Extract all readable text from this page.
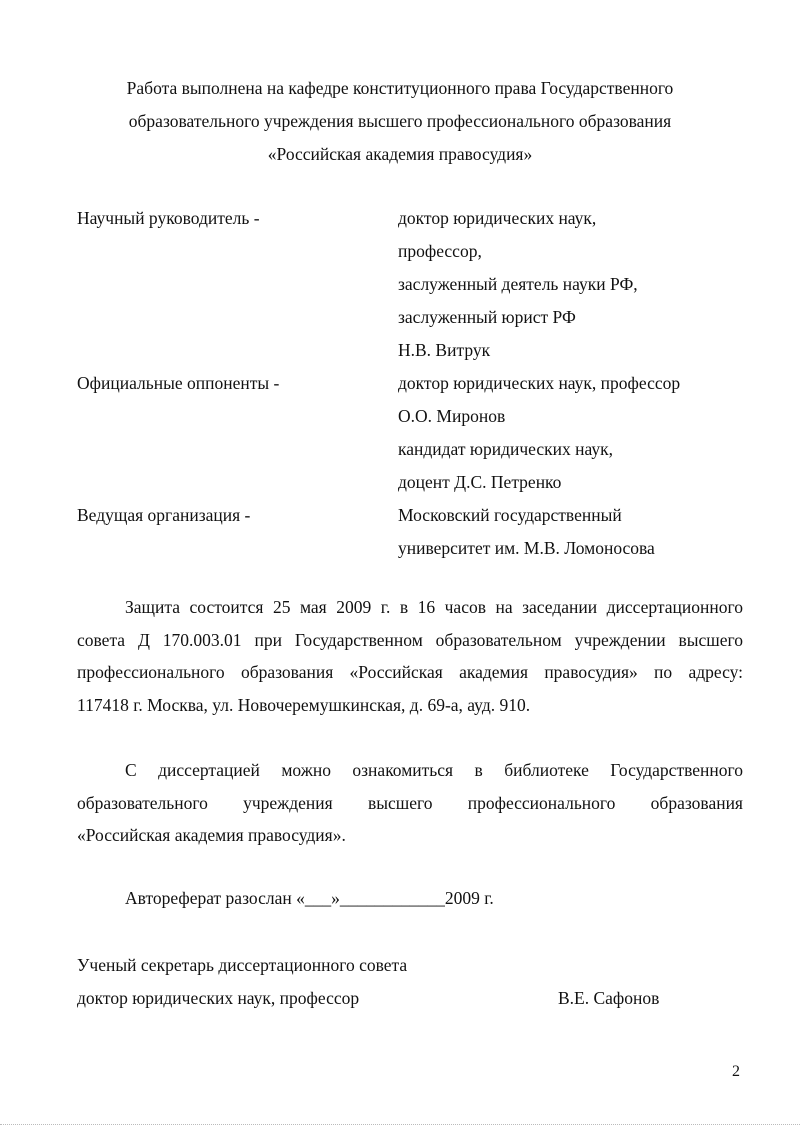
Работа выполнена на кафедре конституционного права Государственного
образовательного учреждения высшего профессионального образования
«Российская академия правосудия»
Научный руководитель -	доктор юридических наук,
профессор,
заслуженный деятель науки РФ,
заслуженный юрист РФ
Н.В. Витрук
Официальные оппоненты -	доктор юридических наук, профессор
О.О. Миронов
кандидат юридических наук,
доцент Д.С. Петренко
Ведущая организация -	Московский государственный
университет им. М.В. Ломоносова
Защита состоится 25 мая 2009 г. в 16 часов на заседании диссертационного
совета Д 170.003.01 при Государственном образовательном учреждении высшего
профессионального образования «Российская академия правосудия» по адресу:
117418 г. Москва, ул. Новочеремушкинская, д. 69-а, ауд. 910.
С диссертацией можно ознакомиться в библиотеке Государственного
образовательного учреждения высшего профессионального образования
«Российская академия правосудия».
Автореферат разослан «___»____________2009 г.
Ученый секретарь диссертационного совета
доктор юридических наук, профессор	В.Е. Сафонов
2
